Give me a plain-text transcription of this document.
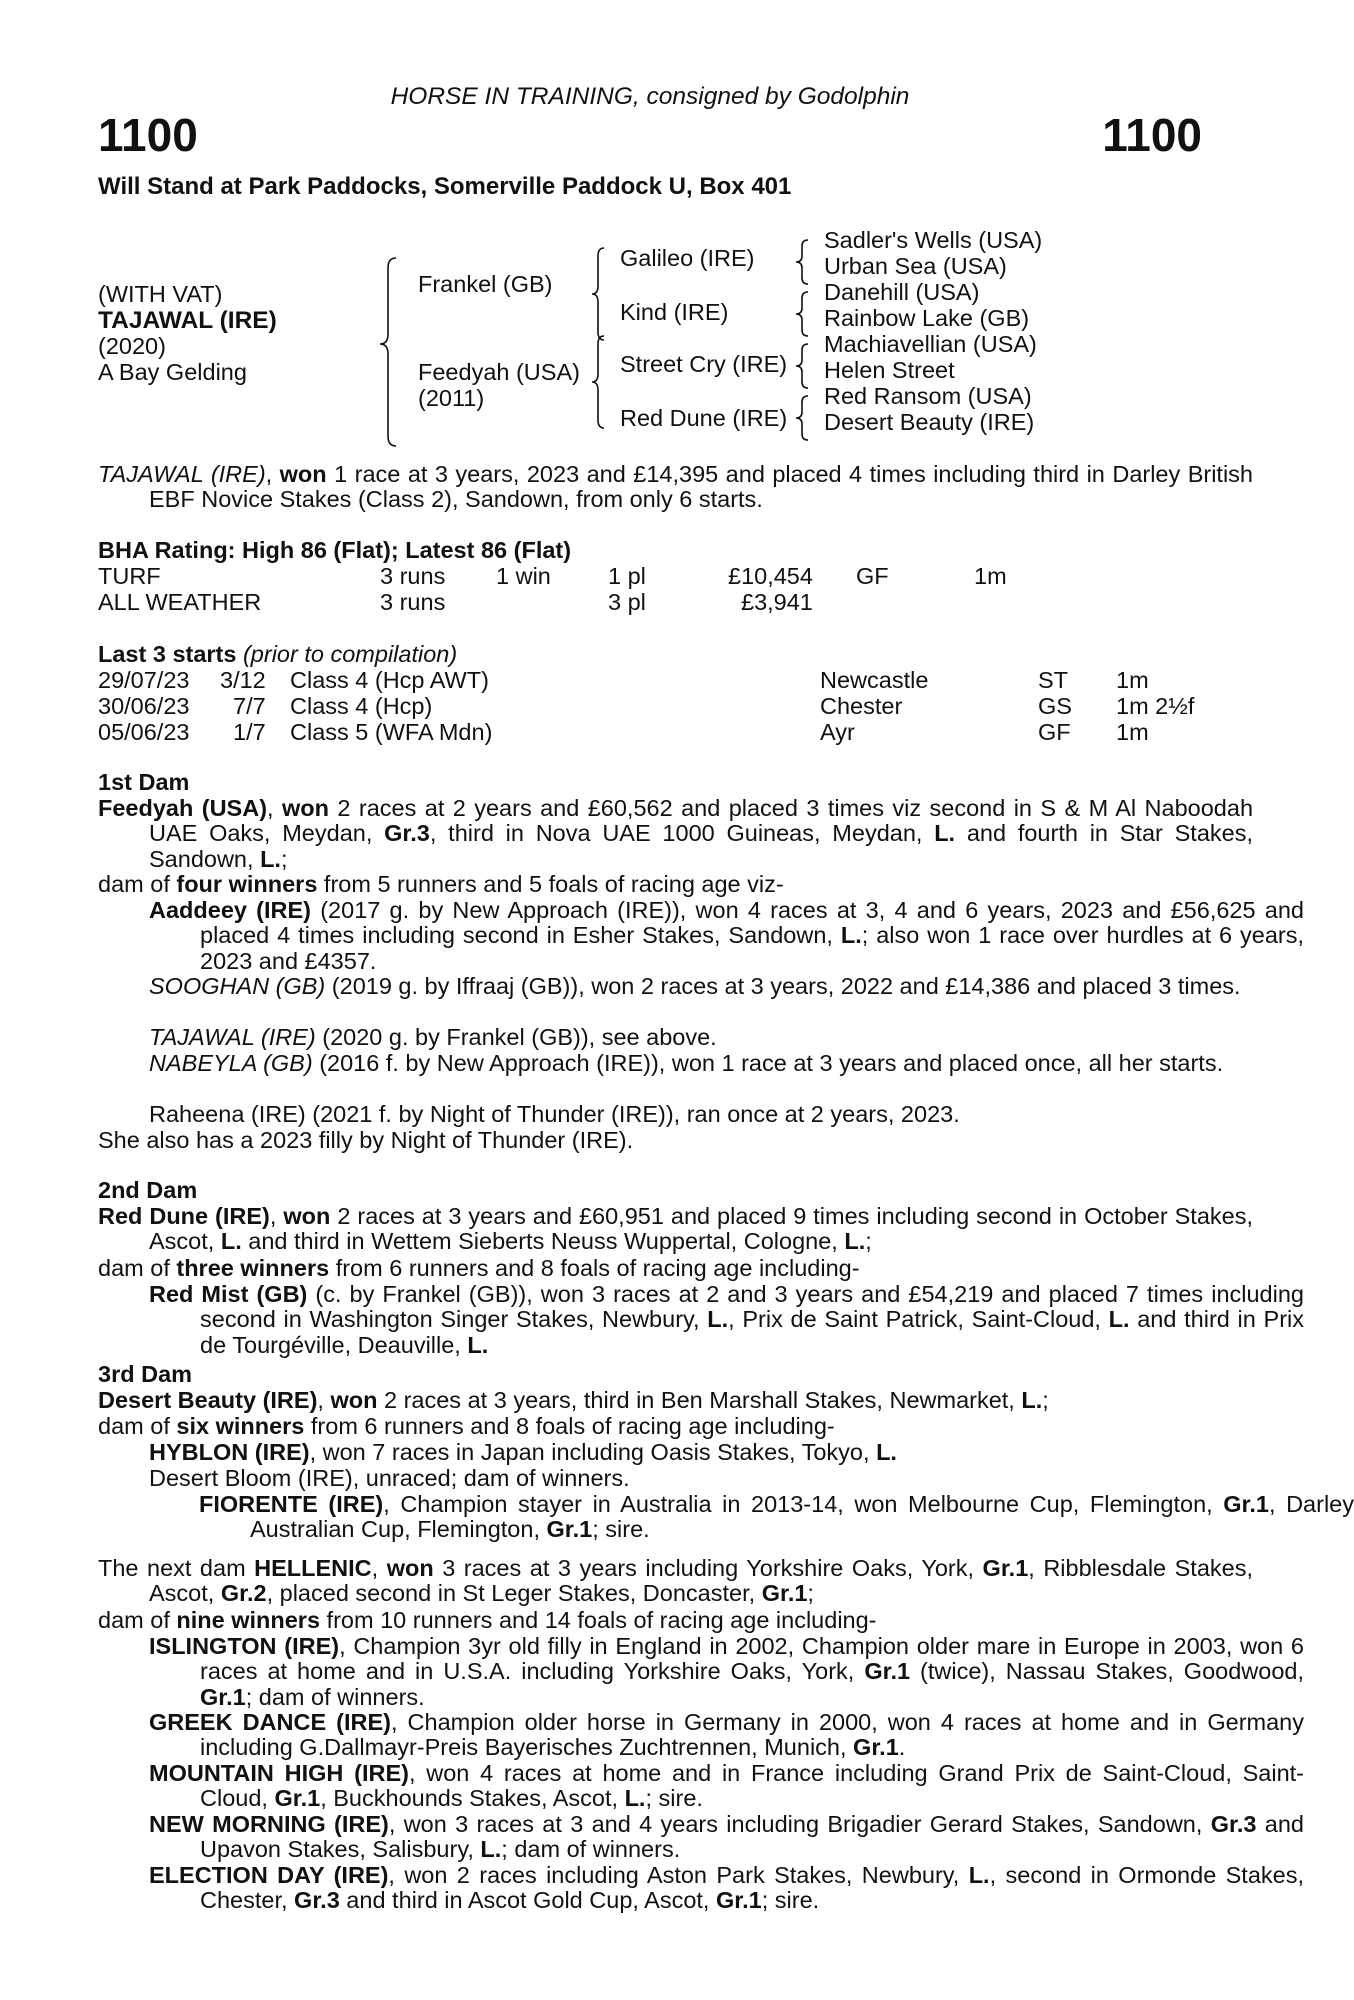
HORSE IN TRAINING, consigned by Godolphin
1100	1100
Will Stand at Park Paddocks, Somerville Paddock U, Box 401
(WITH VAT)
TAJAWAL (IRE)
(2020)
A Bay Gelding
Frankel (GB)
Feedyah (USA)
(2011)
Galileo (IRE)
Kind (IRE)
Street Cry (IRE)
Red Dune (IRE)
Sadler's Wells (USA)
Urban Sea (USA)
Danehill (USA)
Rainbow Lake (GB)
Machiavellian (USA)
Helen Street
Red Ransom (USA)
Desert Beauty (IRE)
TAJAWAL (IRE), won 1 race at 3 years, 2023 and £14,395 and placed 4 times including third in Darley British EBF Novice Stakes (Class 2), Sandown, from only 6 starts.
BHA Rating: High 86 (Flat); Latest 86 (Flat)
TURF	3 runs 1 win 1 pl	£10,454 GF	1m
ALL WEATHER	3 runs	3 pl	£3,941
Last 3 starts (prior to compilation)
29/07/23 3/12 Class 4 (Hcp AWT)	Newcastle	ST 1m
30/06/23 7/7 Class 4 (Hcp)	Chester	GS 1m 2½f
05/06/23 1/7 Class 5 (WFA Mdn)	Ayr	GF 1m
1st Dam
Feedyah (USA), won 2 races at 2 years and £60,562 and placed 3 times viz second in S & M Al Naboodah UAE Oaks, Meydan, Gr.3, third in Nova UAE 1000 Guineas, Meydan, L. and fourth in Star Stakes, Sandown, L.;
dam of four winners from 5 runners and 5 foals of racing age viz-
Aaddeey (IRE) (2017 g. by New Approach (IRE)), won 4 races at 3, 4 and 6 years, 2023 and £56,625 and placed 4 times including second in Esher Stakes, Sandown, L.; also won 1 race over hurdles at 6 years, 2023 and £4357.
SOOGHAN (GB) (2019 g. by Iffraaj (GB)), won 2 races at 3 years, 2022 and £14,386 and placed 3 times.
TAJAWAL (IRE) (2020 g. by Frankel (GB)), see above.
NABEYLA (GB) (2016 f. by New Approach (IRE)), won 1 race at 3 years and placed once, all her starts.
Raheena (IRE) (2021 f. by Night of Thunder (IRE)), ran once at 2 years, 2023.
She also has a 2023 filly by Night of Thunder (IRE).
2nd Dam
Red Dune (IRE), won 2 races at 3 years and £60,951 and placed 9 times including second in October Stakes, Ascot, L. and third in Wettem Sieberts Neuss Wuppertal, Cologne, L.;
dam of three winners from 6 runners and 8 foals of racing age including-
Red Mist (GB) (c. by Frankel (GB)), won 3 races at 2 and 3 years and £54,219 and placed 7 times including second in Washington Singer Stakes, Newbury, L., Prix de Saint Patrick, Saint-Cloud, L. and third in Prix de Tourgéville, Deauville, L.
3rd Dam
Desert Beauty (IRE), won 2 races at 3 years, third in Ben Marshall Stakes, Newmarket, L.;
dam of six winners from 6 runners and 8 foals of racing age including-
HYBLON (IRE), won 7 races in Japan including Oasis Stakes, Tokyo, L.
Desert Bloom (IRE), unraced; dam of winners.
FIORENTE (IRE), Champion stayer in Australia in 2013-14, won Melbourne Cup, Flemington, Gr.1, Darley Australian Cup, Flemington, Gr.1; sire.
The next dam HELLENIC, won 3 races at 3 years including Yorkshire Oaks, York, Gr.1, Ribblesdale Stakes, Ascot, Gr.2, placed second in St Leger Stakes, Doncaster, Gr.1;
dam of nine winners from 10 runners and 14 foals of racing age including-
ISLINGTON (IRE), Champion 3yr old filly in England in 2002, Champion older mare in Europe in 2003, won 6 races at home and in U.S.A. including Yorkshire Oaks, York, Gr.1 (twice), Nassau Stakes, Goodwood, Gr.1; dam of winners.
GREEK DANCE (IRE), Champion older horse in Germany in 2000, won 4 races at home and in Germany including G.Dallmayr-Preis Bayerisches Zuchtrennen, Munich, Gr.1.
MOUNTAIN HIGH (IRE), won 4 races at home and in France including Grand Prix de Saint-Cloud, Saint-Cloud, Gr.1, Buckhounds Stakes, Ascot, L.; sire.
NEW MORNING (IRE), won 3 races at 3 and 4 years including Brigadier Gerard Stakes, Sandown, Gr.3 and Upavon Stakes, Salisbury, L.; dam of winners.
ELECTION DAY (IRE), won 2 races including Aston Park Stakes, Newbury, L., second in Ormonde Stakes, Chester, Gr.3 and third in Ascot Gold Cup, Ascot, Gr.1; sire.
